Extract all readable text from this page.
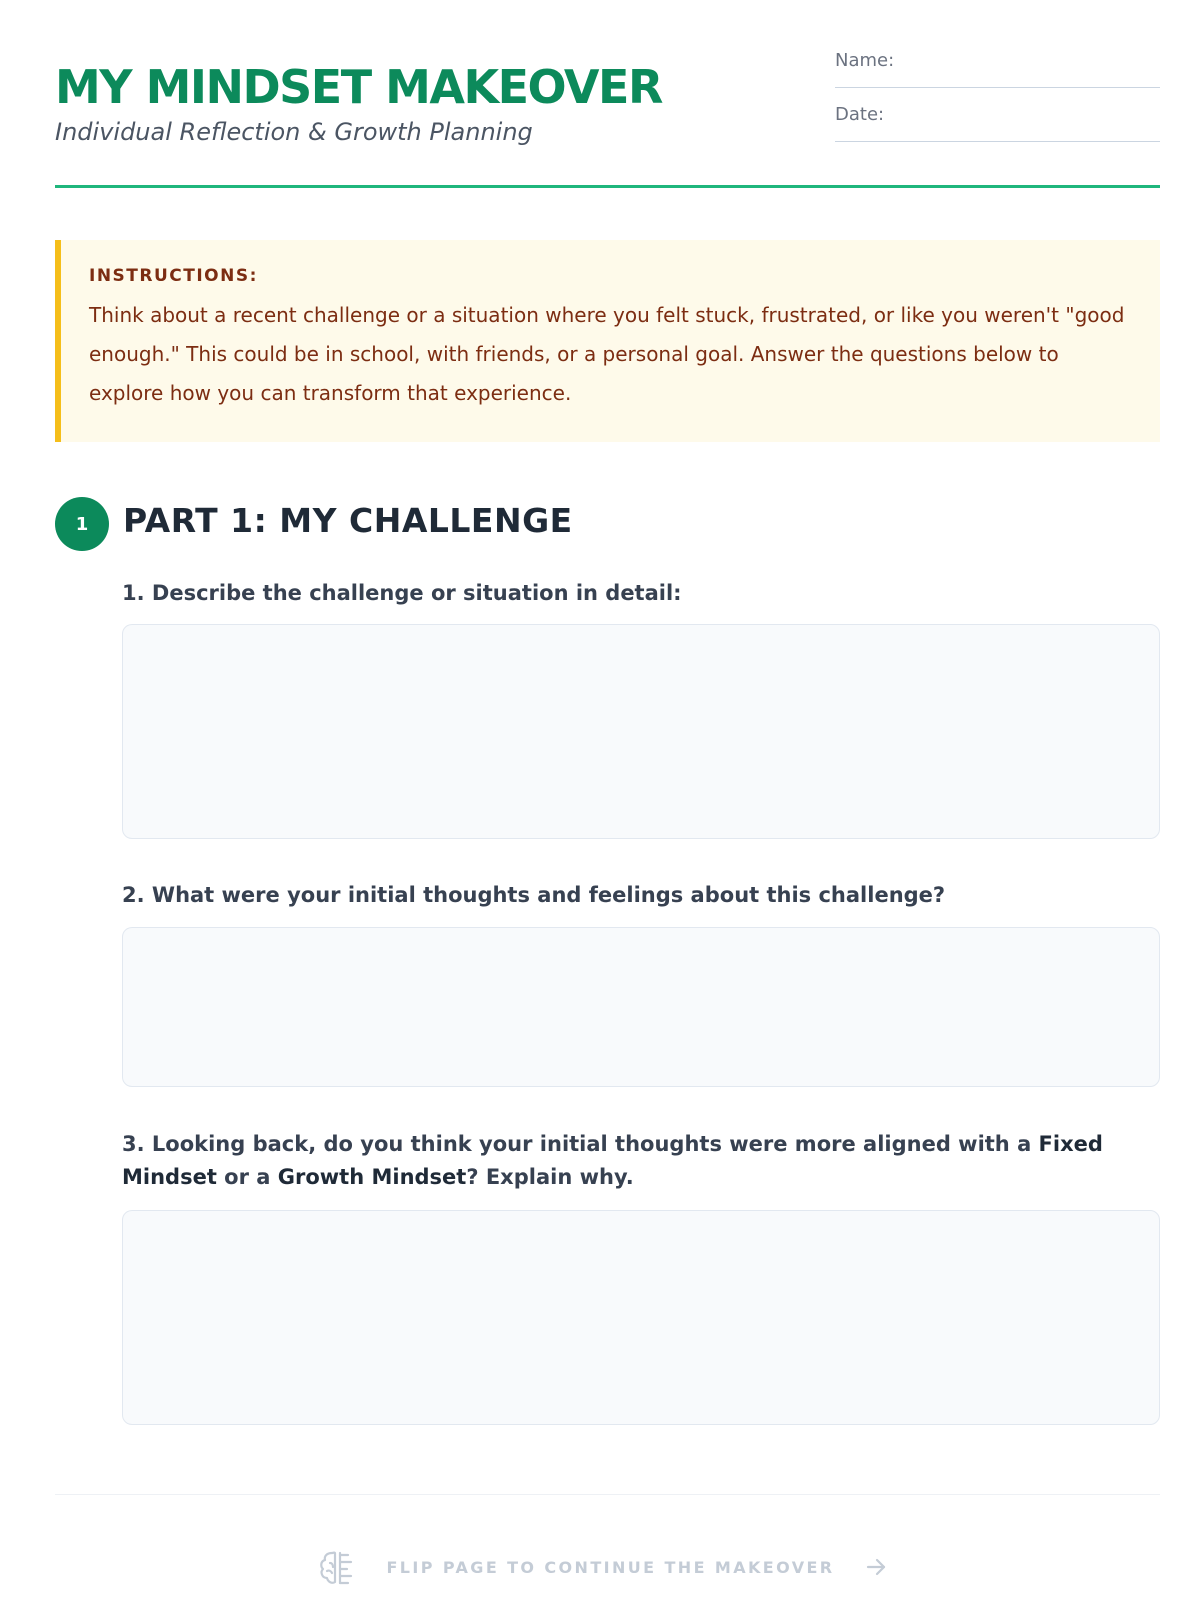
MY MINDSET MAKEOVER
Individual Reflection & Growth Planning
Name:
Date:
INSTRUCTIONS:

Think about a recent challenge or a situation where you felt stuck, frustrated, or like you weren't "good enough." This could be in school, with friends, or a personal goal. Answer the questions below to explore how you can transform that experience.

1	PART 1: MY CHALLENGE

1. Describe the challenge or situation in detail:

2. What were your initial thoughts and feelings about this challenge?

3. Looking back, do you think your initial thoughts were more aligned with a Fixed Mindset or a Growth Mindset? Explain why.

FLIP PAGE TO CONTINUE THE MAKEOVER
